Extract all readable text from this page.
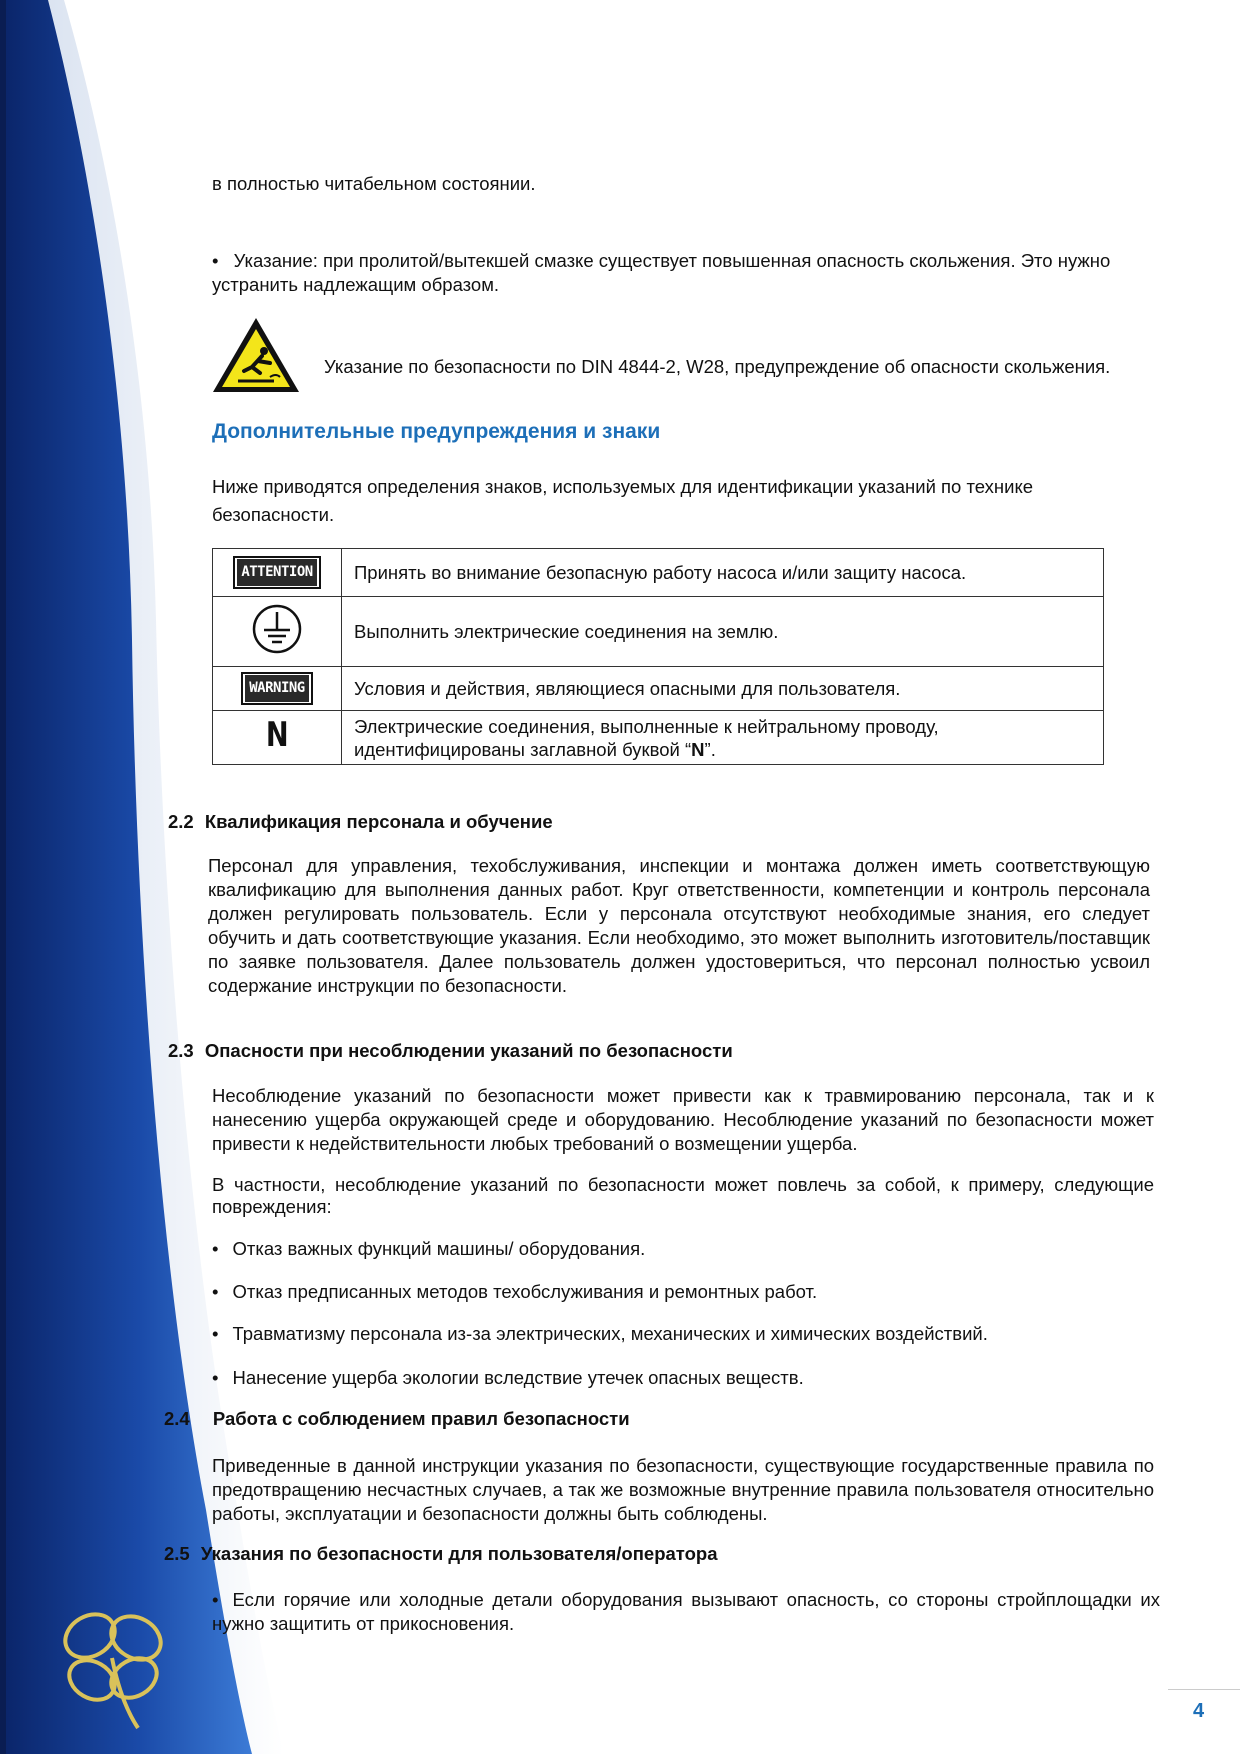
в полностью читабельном состоянии.
• Указание: при пролитой/вытекшей смазке существует повышенная опасность скольжения. Это нужно устранить надлежащим образом.
Указание по безопасности по DIN 4844-2, W28, предупреждение об опасности скольжения.
Дополнительные предупреждения и знаки
Ниже приводятся определения знаков, используемых для идентификации указаний по технике безопасности.
ATTENTION	Принять во внимание безопасную работу насоса и/или защиту насоса.
	Выполнить электрические соединения на землю.

WARNING	Условия и действия, являющиеся опасными для пользователя.
N	Электрические соединения, выполненные к нейтральному проводу, идентифицированы заглавной буквой “N”.
2.2 Квалификация персонала и обучение
Персонал для управления, техобслуживания, инспекции и монтажа должен иметь соответствующую квалификацию для выполнения данных работ. Круг ответственности, компетенции и контроль персонала должен регулировать пользователь. Если у персонала отсутствуют необходимые знания, его следует обучить и дать соответствующие указания. Если необходимо, это может выполнить изготовитель/поставщик по заявке пользователя. Далее пользователь должен удостовериться, что персонал полностью усвоил содержание инструкции по безопасности.
2.3 Опасности при несоблюдении указаний по безопасности
Несоблюдение указаний по безопасности может привести как к травмированию персонала, так и к нанесению ущерба окружающей среде и оборудованию. Несоблюдение указаний по безопасности может привести к недействительности любых требований о возмещении ущерба.
В частности, несоблюдение указаний по безопасности может повлечь за собой, к примеру, следующие повреждения:
• Отказ важных функций машины/ оборудования.
• Отказ предписанных методов техобслуживания и ремонтных работ.
• Травматизму персонала из-за электрических, механических и химических воздействий.
• Нанесение ущерба экологии вследствие утечек опасных веществ.
2.4 Работа с соблюдением правил безопасности
Приведенные в данной инструкции указания по безопасности, существующие государственные правила по предотвращению несчастных случаев, а так же возможные внутренние правила пользователя относительно работы, эксплуатации и безопасности должны быть соблюдены.
2.5 Указания по безопасности для пользователя/оператора
• Если горячие или холодные детали оборудования вызывают опасность, со стороны стройплощадки их нужно защитить от прикосновения.
4
